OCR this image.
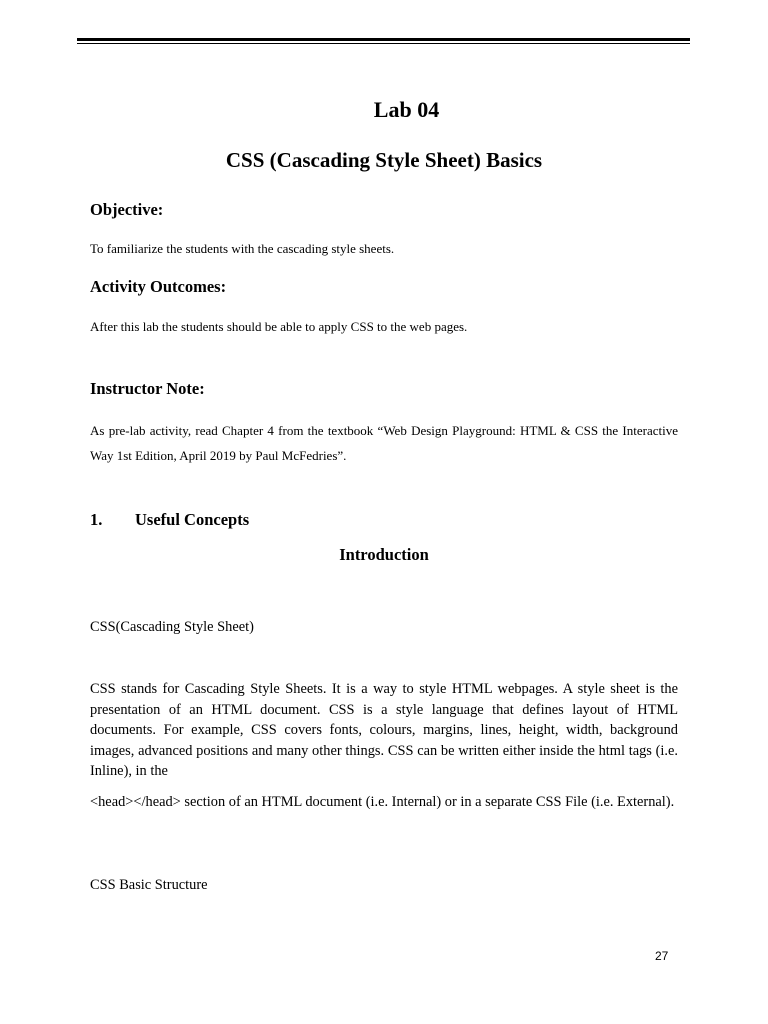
Lab 04
CSS (Cascading Style Sheet) Basics
Objective:
To familiarize the students with the cascading style sheets.
Activity Outcomes:
After this lab the students should be able to apply CSS to the web pages.
Instructor Note:
As pre-lab activity, read Chapter 4 from the textbook “Web Design Playground: HTML & CSS the Interactive Way 1st Edition, April 2019 by Paul McFedries”.
1. Useful Concepts
Introduction
CSS(Cascading Style Sheet)
CSS stands for Cascading Style Sheets. It is a way to style HTML webpages. A style sheet is the presentation of an HTML document. CSS is a style language that defines layout of HTML documents. For example, CSS covers fonts, colours, margins, lines, height, width, background images, advanced positions and many other things. CSS can be written either inside the html tags (i.e. Inline), in the
<head></head> section of an HTML document (i.e. Internal) or in a separate CSS File (i.e. External).
CSS Basic Structure
27
